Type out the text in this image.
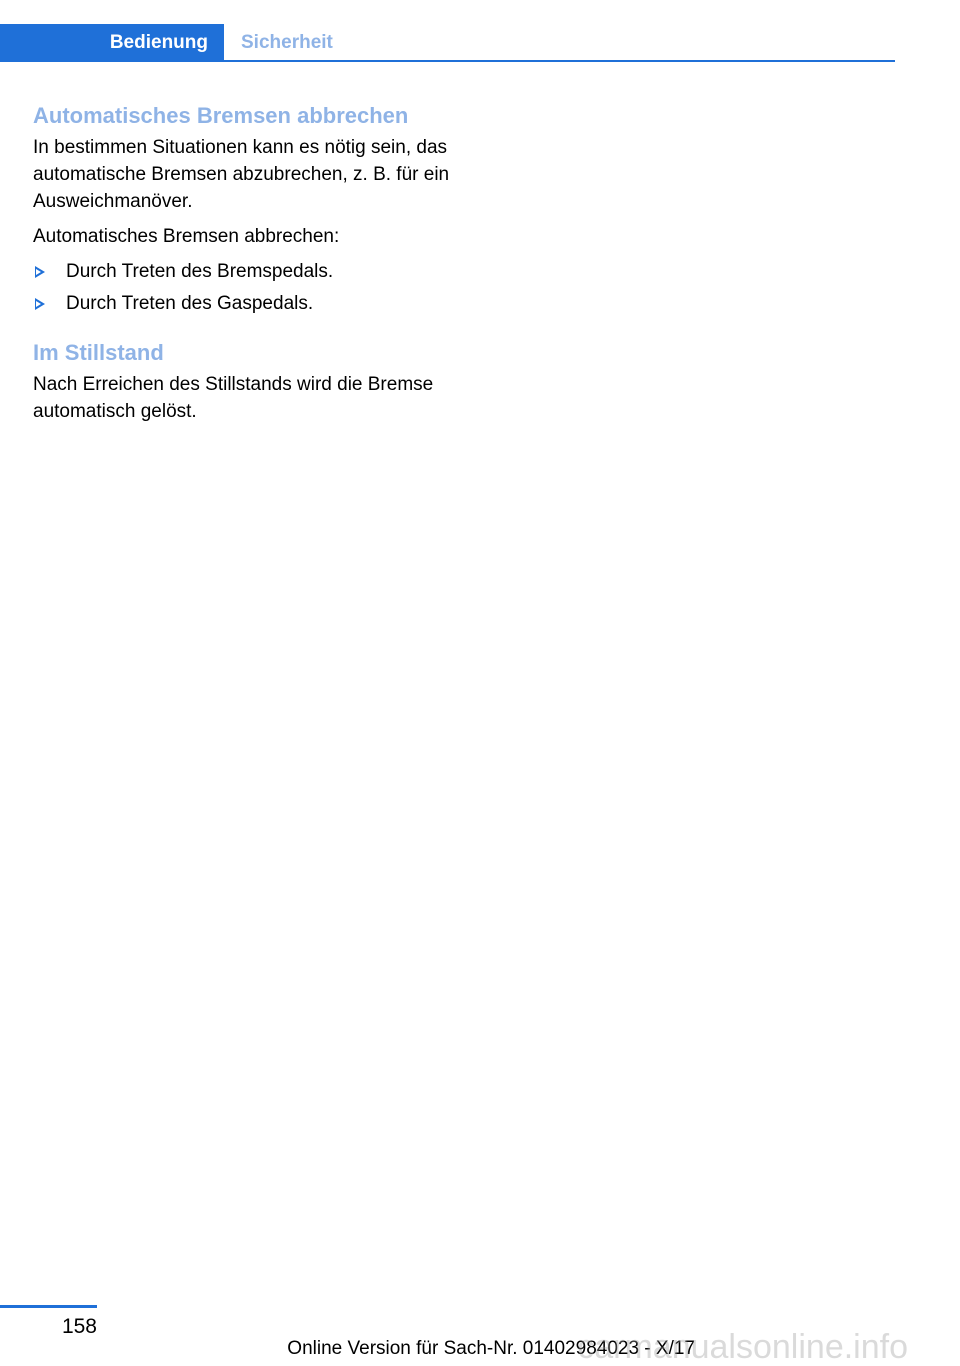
Bedienung	Sicherheit
Automatisches Bremsen abbrechen

In bestimmen Situationen kann es nötig sein, das automatische Bremsen abzubrechen, z. B. für ein Ausweichmanöver.

Automatisches Bremsen abbrechen:

Durch Treten des Bremspedals.
Durch Treten des Gaspedals.
Im Stillstand

Nach Erreichen des Stillstands wird die Bremse automatisch gelöst.

158
Online Version für Sach-Nr. 01402984023 - X/17
carmanualsonline.info
